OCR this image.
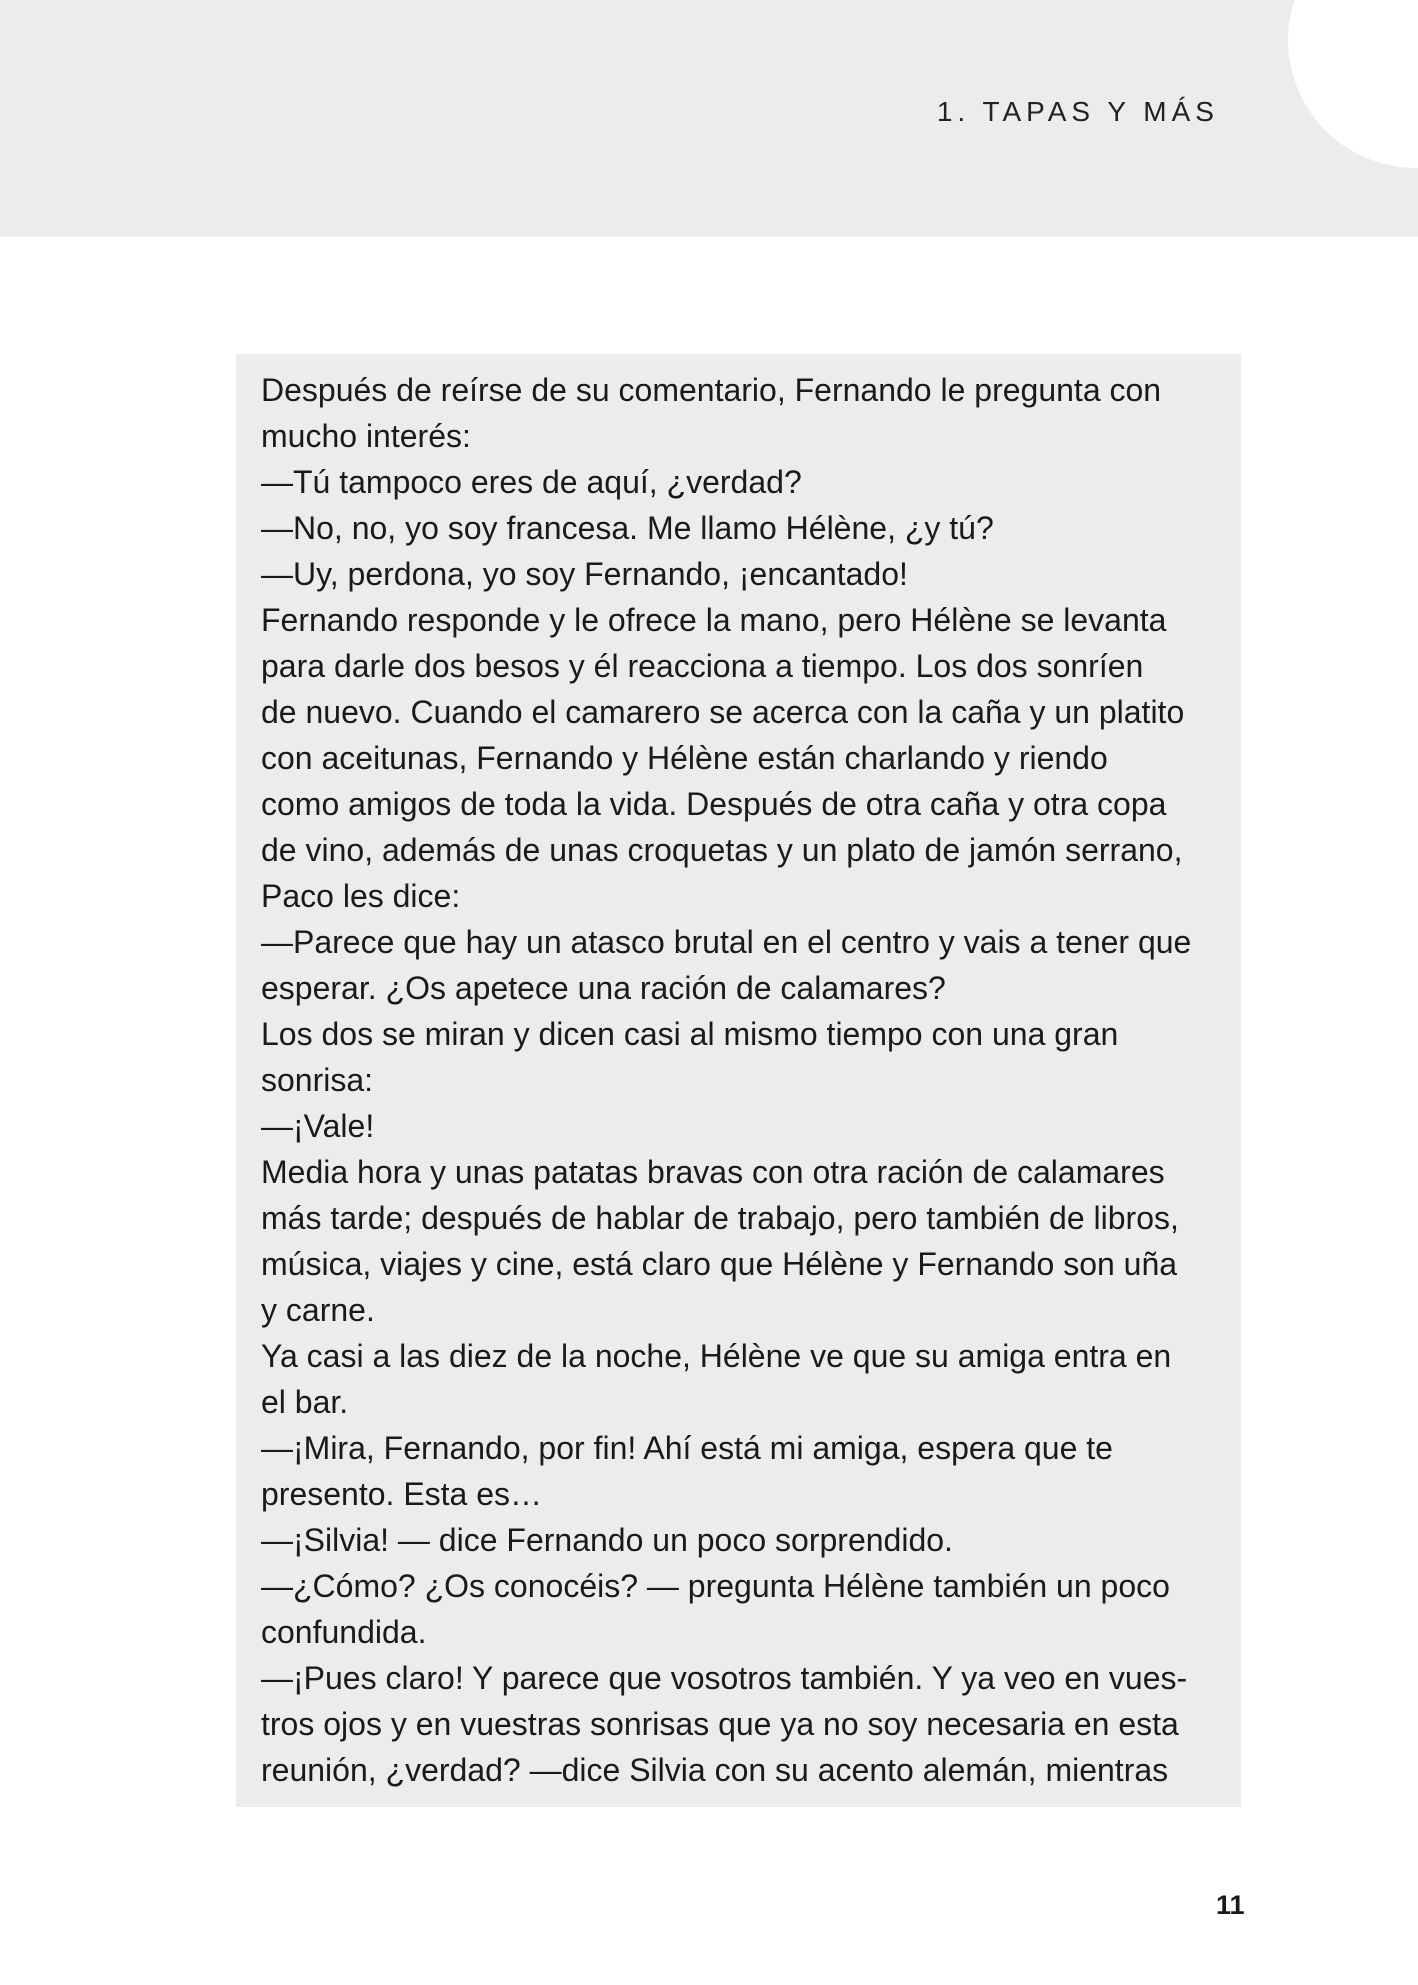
1. TAPAS Y MÁS
Después de reírse de su comentario, Fernando le pregunta con
mucho interés:
—Tú tampoco eres de aquí, ¿verdad?
—No, no, yo soy francesa. Me llamo Hélène, ¿y tú?
—Uy, perdona, yo soy Fernando, ¡encantado!
Fernando responde y le ofrece la mano, pero Hélène se levanta
para darle dos besos y él reacciona a tiempo. Los dos sonríen
de nuevo. Cuando el camarero se acerca con la caña y un platito
con aceitunas, Fernando y Hélène están charlando y riendo
como amigos de toda la vida. Después de otra caña y otra copa
de vino, además de unas croquetas y un plato de jamón serrano,
Paco les dice:
—Parece que hay un atasco brutal en el centro y vais a tener que
esperar. ¿Os apetece una ración de calamares?
Los dos se miran y dicen casi al mismo tiempo con una gran
sonrisa:
—¡Vale!
Media hora y unas patatas bravas con otra ración de calamares
más tarde; después de hablar de trabajo, pero también de libros,
música, viajes y cine, está claro que Hélène y Fernando son uña
y carne.
Ya casi a las diez de la noche, Hélène ve que su amiga entra en
el bar.
—¡Mira, Fernando, por fin! Ahí está mi amiga, espera que te
presento. Esta es…
—¡Silvia! — dice Fernando un poco sorprendido.
—¿Cómo? ¿Os conocéis? — pregunta Hélène también un poco
confundida.
—¡Pues claro! Y parece que vosotros también. Y ya veo en vues-
tros ojos y en vuestras sonrisas que ya no soy necesaria en esta
reunión, ¿verdad? —dice Silvia con su acento alemán, mientras
11
